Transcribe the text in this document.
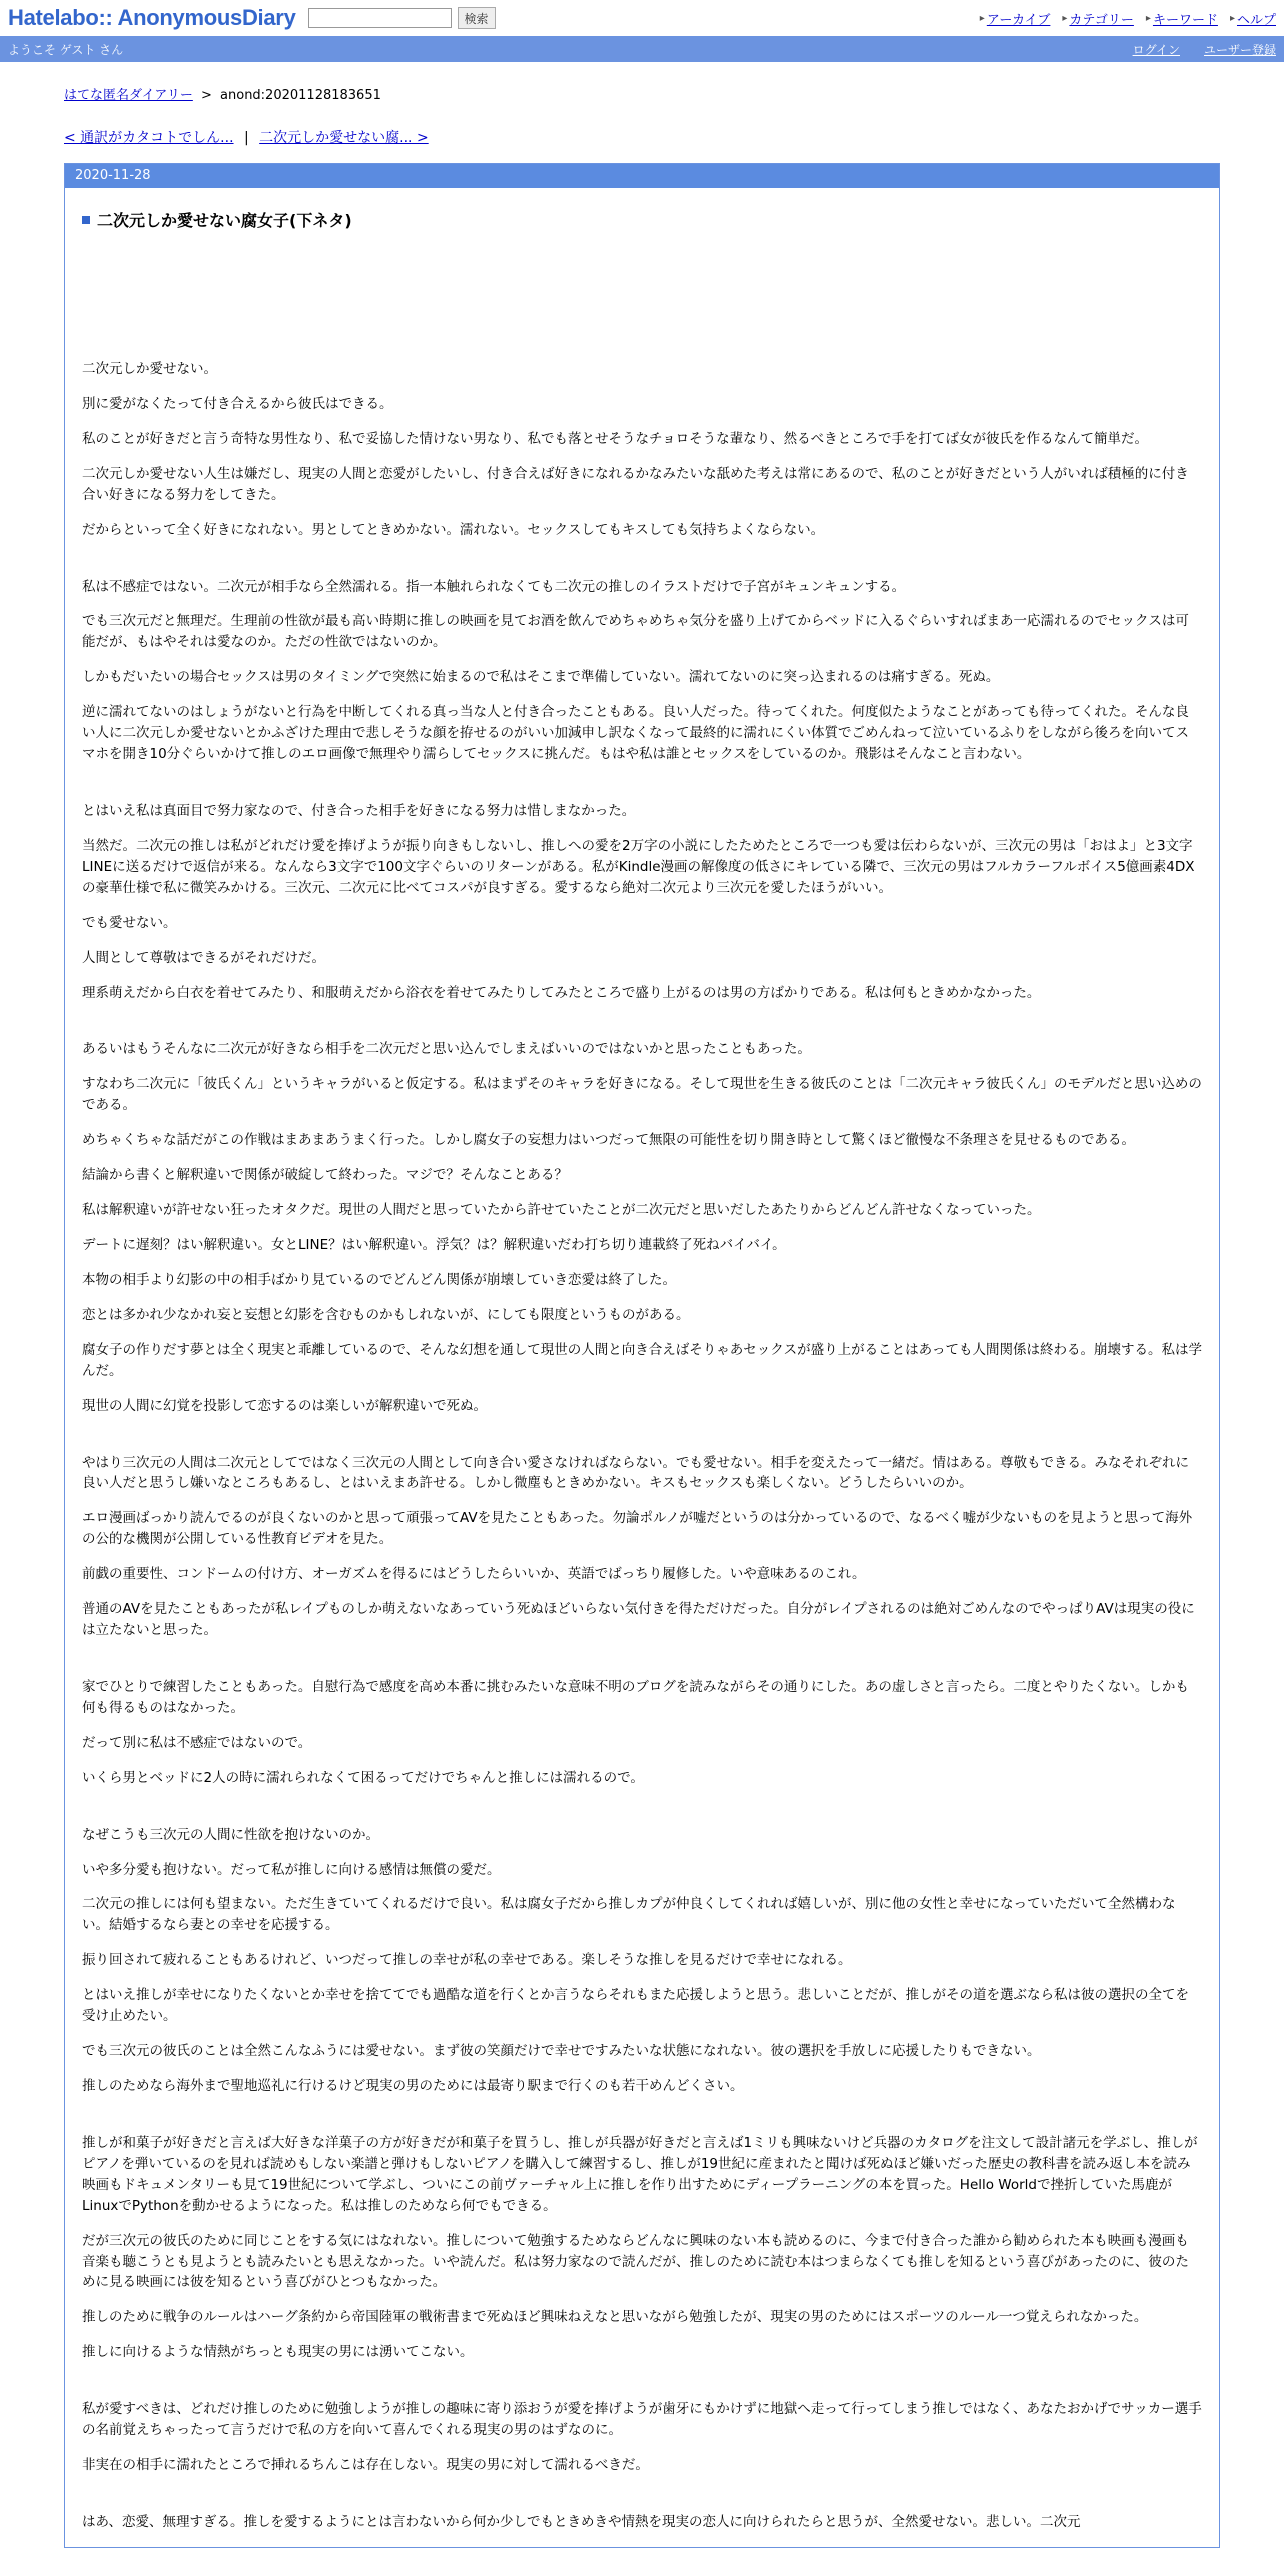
Hatelabo:: AnonymousDiary	検索	▸ アーカイブ ▸ カテゴリー ▸ キーワード ▸ ヘルプ
ようこそ ゲスト さん	ログイン ユーザー登録
はてな匿名ダイアリー > anond:20201128183651
< 通訳がカタコトでしん... | 二次元しか愛せない腐... >
2020-11-28
二次元しか愛せない腐女子(下ネタ)

二次元しか愛せない。

別に愛がなくたって付き合えるから彼氏はできる。

私のことが好きだと言う奇特な男性なり、私で妥協した情けない男なり、私でも落とせそうなチョロそうな輩なり、然るべきところで手を打てば女が彼氏を作るなんて簡単だ。

二次元しか愛せない人生は嫌だし、現実の人間と恋愛がしたいし、付き合えば好きになれるかなみたいな舐めた考えは常にあるので、私のことが好きだという人がいれば積極的に付き合い好きになる努力をしてきた。

だからといって全く好きになれない。男としてときめかない。濡れない。セックスしてもキスしても気持ちよくならない。

私は不感症ではない。二次元が相手なら全然濡れる。指一本触れられなくても二次元の推しのイラストだけで子宮がキュンキュンする。

でも三次元だと無理だ。生理前の性欲が最も高い時期に推しの映画を見てお酒を飲んでめちゃめちゃ気分を盛り上げてからベッドに入るぐらいすればまあ一応濡れるのでセックスは可能だが、もはやそれは愛なのか。ただの性欲ではないのか。

しかもだいたいの場合セックスは男のタイミングで突然に始まるので私はそこまで準備していない。濡れてないのに突っ込まれるのは痛すぎる。死ぬ。

逆に濡れてないのはしょうがないと行為を中断してくれる真っ当な人と付き合ったこともある。良い人だった。待ってくれた。何度似たようなことがあっても待ってくれた。そんな良い人に二次元しか愛せないとかふざけた理由で悲しそうな顔を拵せるのがいい加減申し訳なくなって最終的に濡れにくい体質でごめんねって泣いているふりをしながら後ろを向いてスマホを開き10分ぐらいかけて推しのエロ画像で無理やり濡らしてセックスに挑んだ。もはや私は誰とセックスをしているのか。飛影はそんなこと言わない。

とはいえ私は真面目で努力家なので、付き合った相手を好きになる努力は惜しまなかった。

当然だ。二次元の推しは私がどれだけ愛を捧げようが振り向きもしないし、推しへの愛を2万字の小説にしたためたところで一つも愛は伝わらないが、三次元の男は「おはよ」と3文字LINEに送るだけで返信が来る。なんなら3文字で100文字ぐらいのリターンがある。私がKindle漫画の解像度の低さにキレている隣で、三次元の男はフルカラーフルボイス5億画素4DX の豪華仕様で私に微笑みかける。三次元、二次元に比べてコスパが良すぎる。愛するなら絶対二次元より三次元を愛したほうがいい。

でも愛せない。

人間として尊敬はできるがそれだけだ。

理系萌えだから白衣を着せてみたり、和服萌えだから浴衣を着せてみたりしてみたところで盛り上がるのは男の方ばかりである。私は何もときめかなかった。

あるいはもうそんなに二次元が好きなら相手を二次元だと思い込んでしまえばいいのではないかと思ったこともあった。

すなわち二次元に「彼氏くん」というキャラがいると仮定する。私はまずそのキャラを好きになる。そして現世を生きる彼氏のことは「二次元キャラ彼氏くん」のモデルだと思い込めのである。

めちゃくちゃな話だがこの作戦はまあまあうまく行った。しかし腐女子の妄想力はいつだって無限の可能性を切り開き時として驚くほど徹慢な不条理さを見せるものである。

結論から書くと解釈違いで関係が破綻して終わった。マジで？そんなことある？

私は解釈違いが許せない狂ったオタクだ。現世の人間だと思っていたから許せていたことが二次元だと思いだしたあたりからどんどん許せなくなっていった。

デートに遅刻？はい解釈違い。女とLINE？はい解釈違い。浮気？は？解釈違いだわ打ち切り連載終了死ねバイバイ。

本物の相手より幻影の中の相手ばかり見ているのでどんどん関係が崩壊していき恋愛は終了した。

恋とは多かれ少なかれ妄と妄想と幻影を含むものかもしれないが、にしても限度というものがある。

腐女子の作りだす夢とは全く現実と乖離しているので、そんな幻想を通して現世の人間と向き合えばそりゃあセックスが盛り上がることはあっても人間関係は終わる。崩壊する。私は学んだ。

現世の人間に幻覚を投影して恋するのは楽しいが解釈違いで死ぬ。

やはり三次元の人間は二次元としてではなく三次元の人間として向き合い愛さなければならない。でも愛せない。相手を変えたって一緒だ。情はある。尊敬もできる。みなそれぞれに良い人だと思うし嫌いなところもあるし、とはいえまあ許せる。しかし微塵もときめかない。キスもセックスも楽しくない。どうしたらいいのか。

エロ漫画ばっかり読んでるのが良くないのかと思って頑張ってAVを見たこともあった。勿論ポルノが嘘だというのは分かっているので、なるべく嘘が少ないものを見ようと思って海外の公的な機関が公開している性教育ビデオを見た。

前戯の重要性、コンドームの付け方、オーガズムを得るにはどうしたらいいか、英語でばっちり履修した。いや意味あるのこれ。

普通のAVを見たこともあったが私レイプものしか萌えないなあっていう死ぬほどいらない気付きを得ただけだった。自分がレイプされるのは絶対ごめんなのでやっぱりAVは現実の役には立たないと思った。

家でひとりで練習したこともあった。自慰行為で感度を高め本番に挑むみたいな意味不明のブログを読みながらその通りにした。あの虚しさと言ったら。二度とやりたくない。しかも何も得るものはなかった。

だって別に私は不感症ではないので。

いくら男とベッドに2人の時に濡れられなくて困るってだけでちゃんと推しには濡れるので。

なぜこうも三次元の人間に性欲を抱けないのか。

いや多分愛も抱けない。だって私が推しに向ける感情は無償の愛だ。

二次元の推しには何も望まない。ただ生きていてくれるだけで良い。私は腐女子だから推しカプが仲良くしてくれれば嬉しいが、別に他の女性と幸せになっていただいて全然構わない。結婚するなら妻との幸せを応援する。

振り回されて疲れることもあるけれど、いつだって推しの幸せが私の幸せである。楽しそうな推しを見るだけで幸せになれる。

とはいえ推しが幸せになりたくないとか幸せを捨ててでも過酷な道を行くとか言うならそれもまた応援しようと思う。悲しいことだが、推しがその道を選ぶなら私は彼の選択の全てを受け止めたい。

でも三次元の彼氏のことは全然こんなふうには愛せない。まず彼の笑顔だけで幸せですみたいな状態になれない。彼の選択を手放しに応援したりもできない。

推しのためなら海外まで聖地巡礼に行けるけど現実の男のためには最寄り駅まで行くのも若干めんどくさい。

推しが和菓子が好きだと言えば大好きな洋菓子の方が好きだが和菓子を買うし、推しが兵器が好きだと言えば1ミリも興味ないけど兵器のカタログを注文して設計諸元を学ぶし、推しがピアノを弾いているのを見れば読めもしない楽譜と弾けもしないピアノを購入して練習するし、推しが19世紀に産まれたと聞けば死ぬほど嫌いだった歴史の教科書を読み返し本を読み映画もドキュメンタリーも見て19世紀について学ぶし、ついにこの前ヴァーチャル上に推しを作り出すためにディープラーニングの本を買った。Hello Worldで挫折していた馬鹿がLinuxでPythonを動かせるようになった。私は推しのためなら何でもできる。

だが三次元の彼氏のために同じことをする気にはなれない。推しについて勉強するためならどんなに興味のない本も読めるのに、今まで付き合った誰から勧められた本も映画も漫画も音楽も聴こうとも見ようとも読みたいとも思えなかった。いや読んだ。私は努力家なので読んだが、推しのために読む本はつまらなくても推しを知るという喜びがあったのに、彼のために見る映画には彼を知るという喜びがひとつもなかった。

推しのために戦争のルールはハーグ条約から帝国陸軍の戦術書まで死ぬほど興味ねえなと思いながら勉強したが、現実の男のためにはスポーツのルール一つ覚えられなかった。

推しに向けるような情熱がちっとも現実の男には湧いてこない。

私が愛すべきは、どれだけ推しのために勉強しようが推しの趣味に寄り添おうが愛を捧げようが歯牙にもかけずに地獄へ走って行ってしまう推しではなく、あなたおかげでサッカー選手の名前覚えちゃったって言うだけで私の方を向いて喜んでくれる現実の男のはずなのに。

非実在の相手に濡れたところで挿れるちんこは存在しない。現実の男に対して濡れるべきだ。

はあ、恋愛、無理すぎる。推しを愛するようにとは言わないから何か少しでもときめきや情熱を現実の恋人に向けられたらと思うが、全然愛せない。悲しい。二次元
